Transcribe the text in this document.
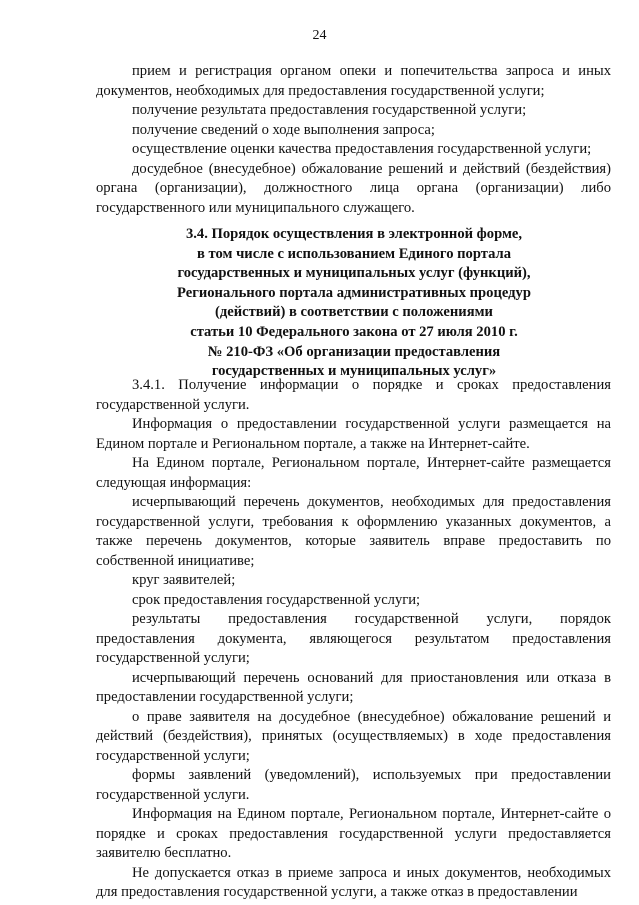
24

прием и регистрация органом опеки и попечительства запроса и иных документов, необходимых для предоставления государственной услуги;

получение результата предоставления государственной услуги;

получение сведений о ходе выполнения запроса;

осуществление оценки качества предоставления государственной услуги;

досудебное (внесудебное) обжалование решений и действий (бездействия) органа (организации), должностного лица органа (организации) либо государственного или муниципального служащего.

3.4. Порядок осуществления в электронной форме,
в том числе с использованием Единого портала
государственных и муниципальных услуг (функций),
Регионального портала административных процедур
(действий) в соответствии с положениями
статьи 10 Федерального закона от 27 июля 2010 г.
№ 210-ФЗ «Об организации предоставления
государственных и муниципальных услуг»

3.4.1. Получение информации о порядке и сроках предоставления государственной услуги.

Информация о предоставлении государственной услуги размещается на Едином портале и Региональном портале, а также на Интернет-сайте.

На Едином портале, Региональном портале, Интернет-сайте размещается следующая информация:

исчерпывающий перечень документов, необходимых для предоставления государственной услуги, требования к оформлению указанных документов, а также перечень документов, которые заявитель вправе предоставить по собственной инициативе;

круг заявителей;

срок предоставления государственной услуги;

результаты предоставления государственной услуги, порядок предоставления документа, являющегося результатом предоставления государственной услуги;

исчерпывающий перечень оснований для приостановления или отказа в предоставлении государственной услуги;

о праве заявителя на досудебное (внесудебное) обжалование решений и действий (бездействия), принятых (осуществляемых) в ходе предоставления государственной услуги;

формы заявлений (уведомлений), используемых при предоставлении государственной услуги.

Информация на Едином портале, Региональном портале, Интернет-сайте о порядке и сроках предоставления государственной услуги предоставляется заявителю бесплатно.

Не допускается отказ в приеме запроса и иных документов, необходимых для предоставления государственной услуги, а также отказ в предоставлении
